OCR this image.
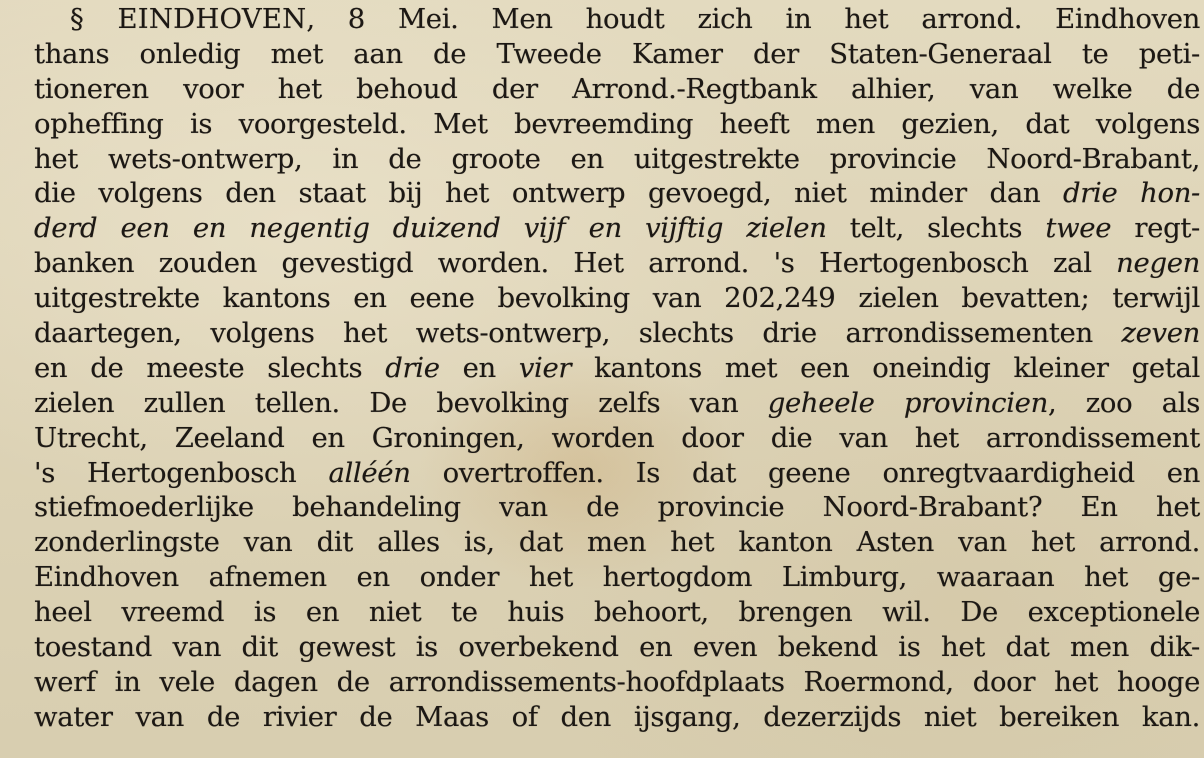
§ EINDHOVEN, 8 Mei. Men houdt zich in het arrond. Eindhoven
thans onledig met aan de Tweede Kamer der Staten-Generaal te peti-
tioneren voor het behoud der Arrond.-Regtbank alhier, van welke de
opheffing is voorgesteld. Met bevreemding heeft men gezien, dat volgens
het wets-ontwerp, in de groote en uitgestrekte provincie Noord-Brabant,
die volgens den staat bij het ontwerp gevoegd, niet minder dan drie hon-
derd een en negentig duizend vijf en vijftig zielen telt, slechts twee regt-
banken zouden gevestigd worden. Het arrond. 's Hertogenbosch zal negen
uitgestrekte kantons en eene bevolking van 202,249 zielen bevatten; terwijl
daartegen, volgens het wets-ontwerp, slechts drie arrondissementen zeven
en de meeste slechts drie en vier kantons met een oneindig kleiner getal
zielen zullen tellen. De bevolking zelfs van geheele provincien, zoo als
Utrecht, Zeeland en Groningen, worden door die van het arrondissement
's Hertogenbosch alléén overtroffen. Is dat geene onregtvaardigheid en
stiefmoederlijke behandeling van de provincie Noord-Brabant? En het
zonderlingste van dit alles is, dat men het kanton Asten van het arrond.
Eindhoven afnemen en onder het hertogdom Limburg, waaraan het ge-
heel vreemd is en niet te huis behoort, brengen wil. De exceptionele
toestand van dit gewest is overbekend en even bekend is het dat men dik-
werf in vele dagen de arrondissements-hoofdplaats Roermond, door het hooge
water van de rivier de Maas of den ijsgang, dezerzijds niet bereiken kan.
